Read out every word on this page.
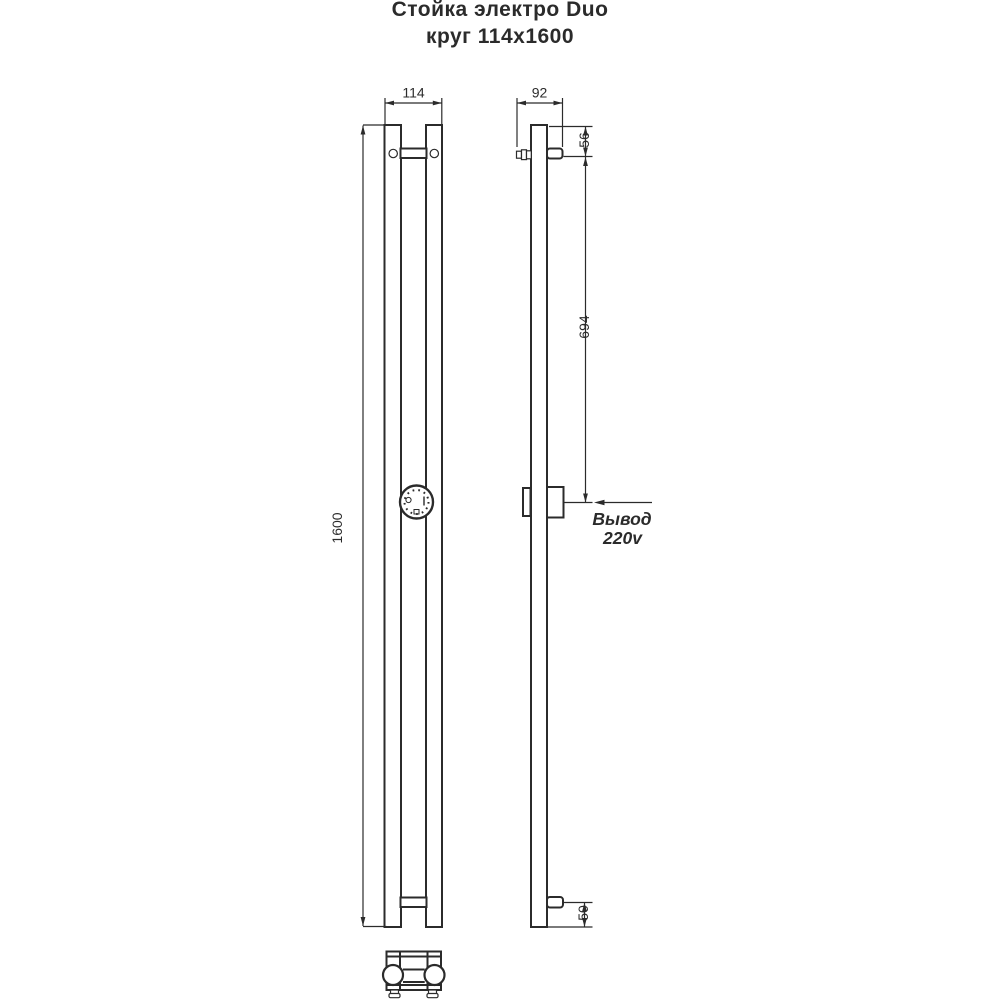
Стойка электро Duo
круг 114x1600
114	92
1600
56
694
50
Вывод
220v
